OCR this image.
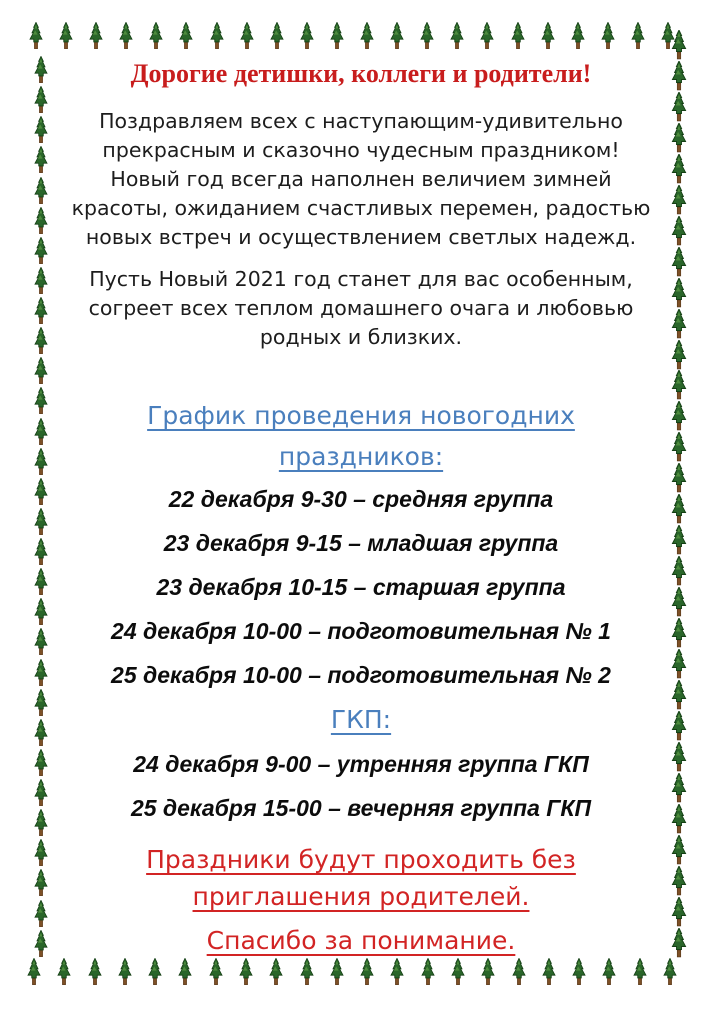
Дорогие детишки, коллеги и родители!
Поздравляем всех с наступающим-удивительно
прекрасным и сказочно чудесным праздником!
Новый год всегда наполнен величием зимней
красоты, ожиданием счастливых перемен, радостью
новых встреч и осуществлением светлых надежд.
Пусть Новый 2021 год станет для вас особенным,
согреет всех теплом домашнего очага и любовью
родных и близких.
График проведения новогодних
праздников:
22 декабря 9-30 – средняя группа
23 декабря 9-15 – младшая группа
23 декабря 10-15 – старшая группа
24 декабря 10-00 – подготовительная № 1
25 декабря 10-00 – подготовительная № 2
ГКП:
24 декабря 9-00 – утренняя группа ГКП
25 декабря 15-00 – вечерняя группа ГКП
Праздники будут проходить без
приглашения родителей.
Спасибо за понимание.
